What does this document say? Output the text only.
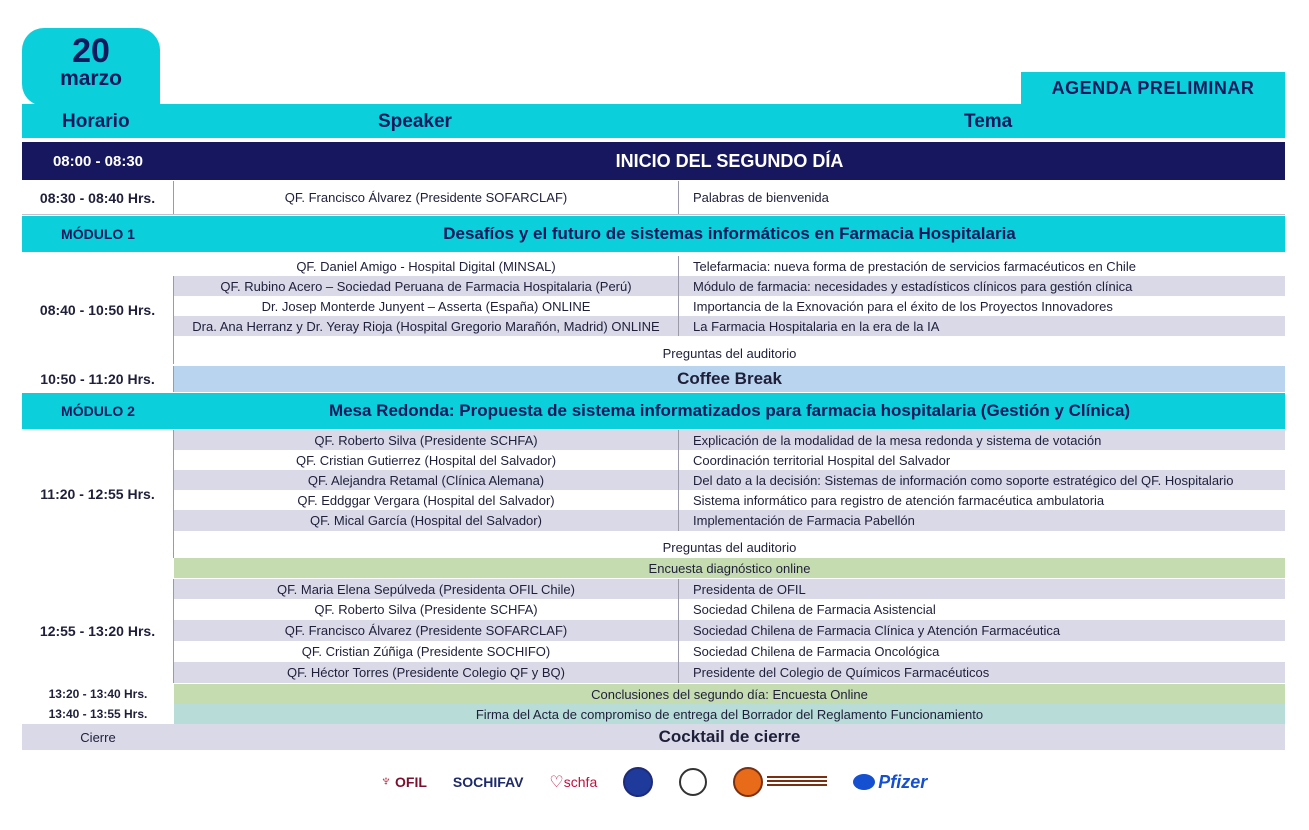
20
marzo	AGENDA PRELIMINAR
Horario	Speaker	Tema
08:00 - 08:30	INICIO DEL SEGUNDO DÍA
08:30 - 08:40 Hrs.	QF. Francisco Álvarez (Presidente SOFARCLAF)	Palabras de bienvenida
MÓDULO 1	Desafíos y el futuro de sistemas informáticos en Farmacia Hospitalaria
08:40 - 10:50 Hrs.
QF. Daniel Amigo - Hospital Digital (MINSAL)	Telefarmacia: nueva forma de prestación de servicios farmacéuticos en Chile
QF. Rubino Acero – Sociedad Peruana de Farmacia Hospitalaria (Perú)	Módulo de farmacia: necesidades y estadísticos clínicos para gestión clínica
Dr. Josep Monterde Junyent – Asserta (España) ONLINE	Importancia de la Exnovación para el éxito de los Proyectos Innovadores
Dra. Ana Herranz y Dr. Yeray Rioja (Hospital Gregorio Marañón, Madrid) ONLINE	La Farmacia Hospitalaria en la era de la IA
Preguntas del auditorio
10:50 - 11:20 Hrs.	Coffee Break
MÓDULO 2	Mesa Redonda: Propuesta de sistema informatizados para farmacia hospitalaria (Gestión y Clínica)
11:20 - 12:55 Hrs.
QF. Roberto Silva (Presidente SCHFA)	Explicación de la modalidad de la mesa redonda y sistema de votación
QF. Cristian Gutierrez (Hospital del Salvador)	Coordinación territorial Hospital del Salvador
QF. Alejandra Retamal (Clínica Alemana)	Del dato a la decisión: Sistemas de información como soporte estratégico del QF. Hospitalario
QF. Eddggar Vergara (Hospital del Salvador)	Sistema informático para registro de atención farmacéutica ambulatoria
QF. Mical García (Hospital del Salvador)	Implementación de Farmacia Pabellón
Preguntas del auditorio
Encuesta diagnóstico online
12:55 - 13:20 Hrs.
QF. Maria Elena Sepúlveda (Presidenta OFIL Chile)	Presidenta de OFIL
QF. Roberto Silva (Presidente SCHFA)	Sociedad Chilena de Farmacia Asistencial
QF. Francisco Álvarez (Presidente SOFARCLAF)	Sociedad Chilena de Farmacia Clínica y Atención Farmacéutica
QF. Cristian Zúñiga (Presidente SOCHIFO)	Sociedad Chilena de Farmacia Oncológica
QF. Héctor Torres (Presidente Colegio QF y BQ)	Presidente del Colegio de Químicos Farmacéuticos
13:20 - 13:40 Hrs.	Conclusiones del segundo día: Encuesta Online
13:40 - 13:55 Hrs.	Firma del Acta de compromiso de entrega del Borrador del Reglamento Funcionamiento
Cierre	Cocktail de cierre
♆ OFIL SOCHIFAV ♡ schfa	Pfizer
